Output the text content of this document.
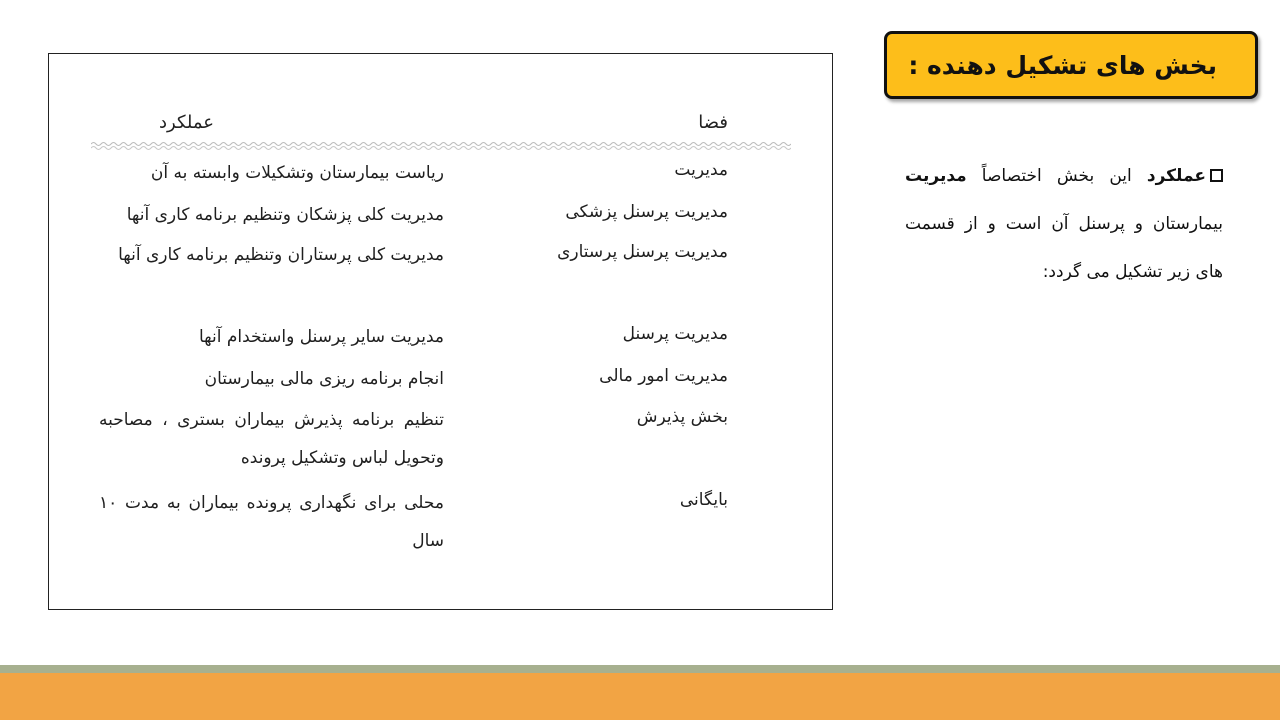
بخش های تشکیل دهنده :
عملکرد این بخش اختصاصاً مدیریت بیمارستان و پرسنل آن است و از قسمت های زیر تشکیل می گردد:
فضا
عملکرد
مدیریت
ریاست بیمارستان وتشکیلات وابسته به آن
مدیریت پرسنل پزشکی
مدیریت کلی پزشکان وتنظیم برنامه کاری آنها
مدیریت پرسنل پرستاری
مدیریت کلی پرستاران وتنظیم برنامه کاری آنها
مدیریت پرسنل
مدیریت سایر پرسنل واستخدام آنها
مدیریت امور مالی
انجام برنامه ریزی مالی بیمارستان
بخش پذیرش
تنظیم برنامه پذیرش بیماران بستری ، مصاحبه وتحویل لباس وتشکیل پرونده
بایگانی
محلی برای نگهداری پرونده بیماران به مدت ۱۰ سال
